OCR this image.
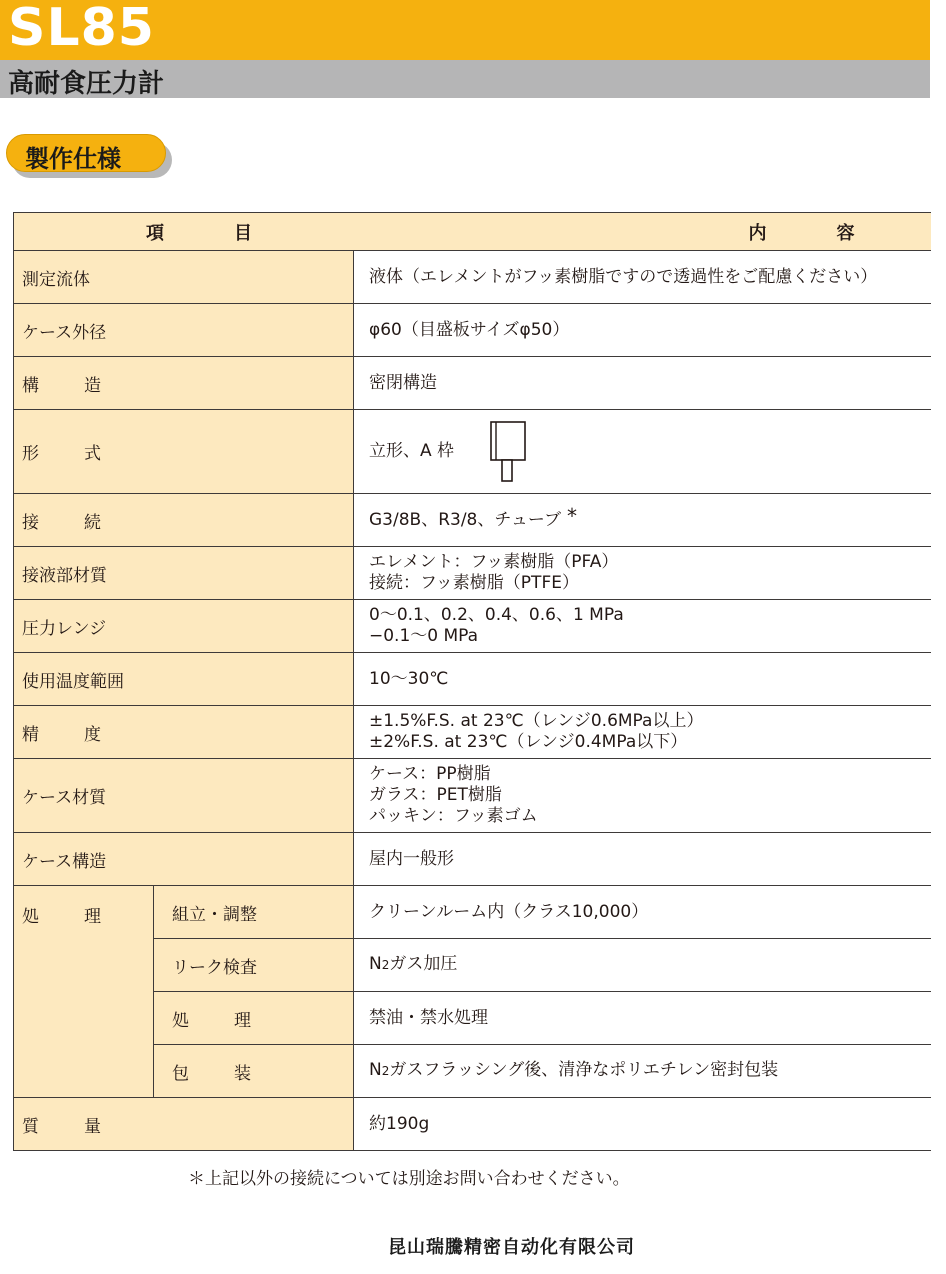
SL85
高耐食圧力計
製作仕様
項　目		内　容
測定流体		液体（エレメントがフッ素樹脂ですので透過性をご配慮ください）

ケース外径		φ60（目盛板サイズφ50）

構　造		密閉構造

形　式		立形、A 枠

接　続		G3/8B、R3/8、チューブ *
接液部材質		エレメント：フッ素樹脂（PFA）
接続：フッ素樹脂（PTFE）

圧力レンジ		0〜0.1、0.2、0.4、0.6、1 MPa
−0.1〜0 MPa

使用温度範囲		10〜30℃

精　度		±1.5%F.S. at 23℃（レンジ0.6MPa以上）
±2%F.S. at 23℃（レンジ0.4MPa以下）

ケース材質		ケース：PP樹脂
ガラス：PET樹脂
パッキン：フッ素ゴム

ケース構造		屋内一般形

処　理	組立・調整	クリーンルーム内（クラス10,000）
	リーク検査	N2ガス加圧
	処　理	禁油・禁水処理
	包　装	N2ガスフラッシング後、清浄なポリエチレン密封包装
質　量		約190g
＊上記以外の接続については別途お問い合わせください。
昆山瑞騰精密自动化有限公司
